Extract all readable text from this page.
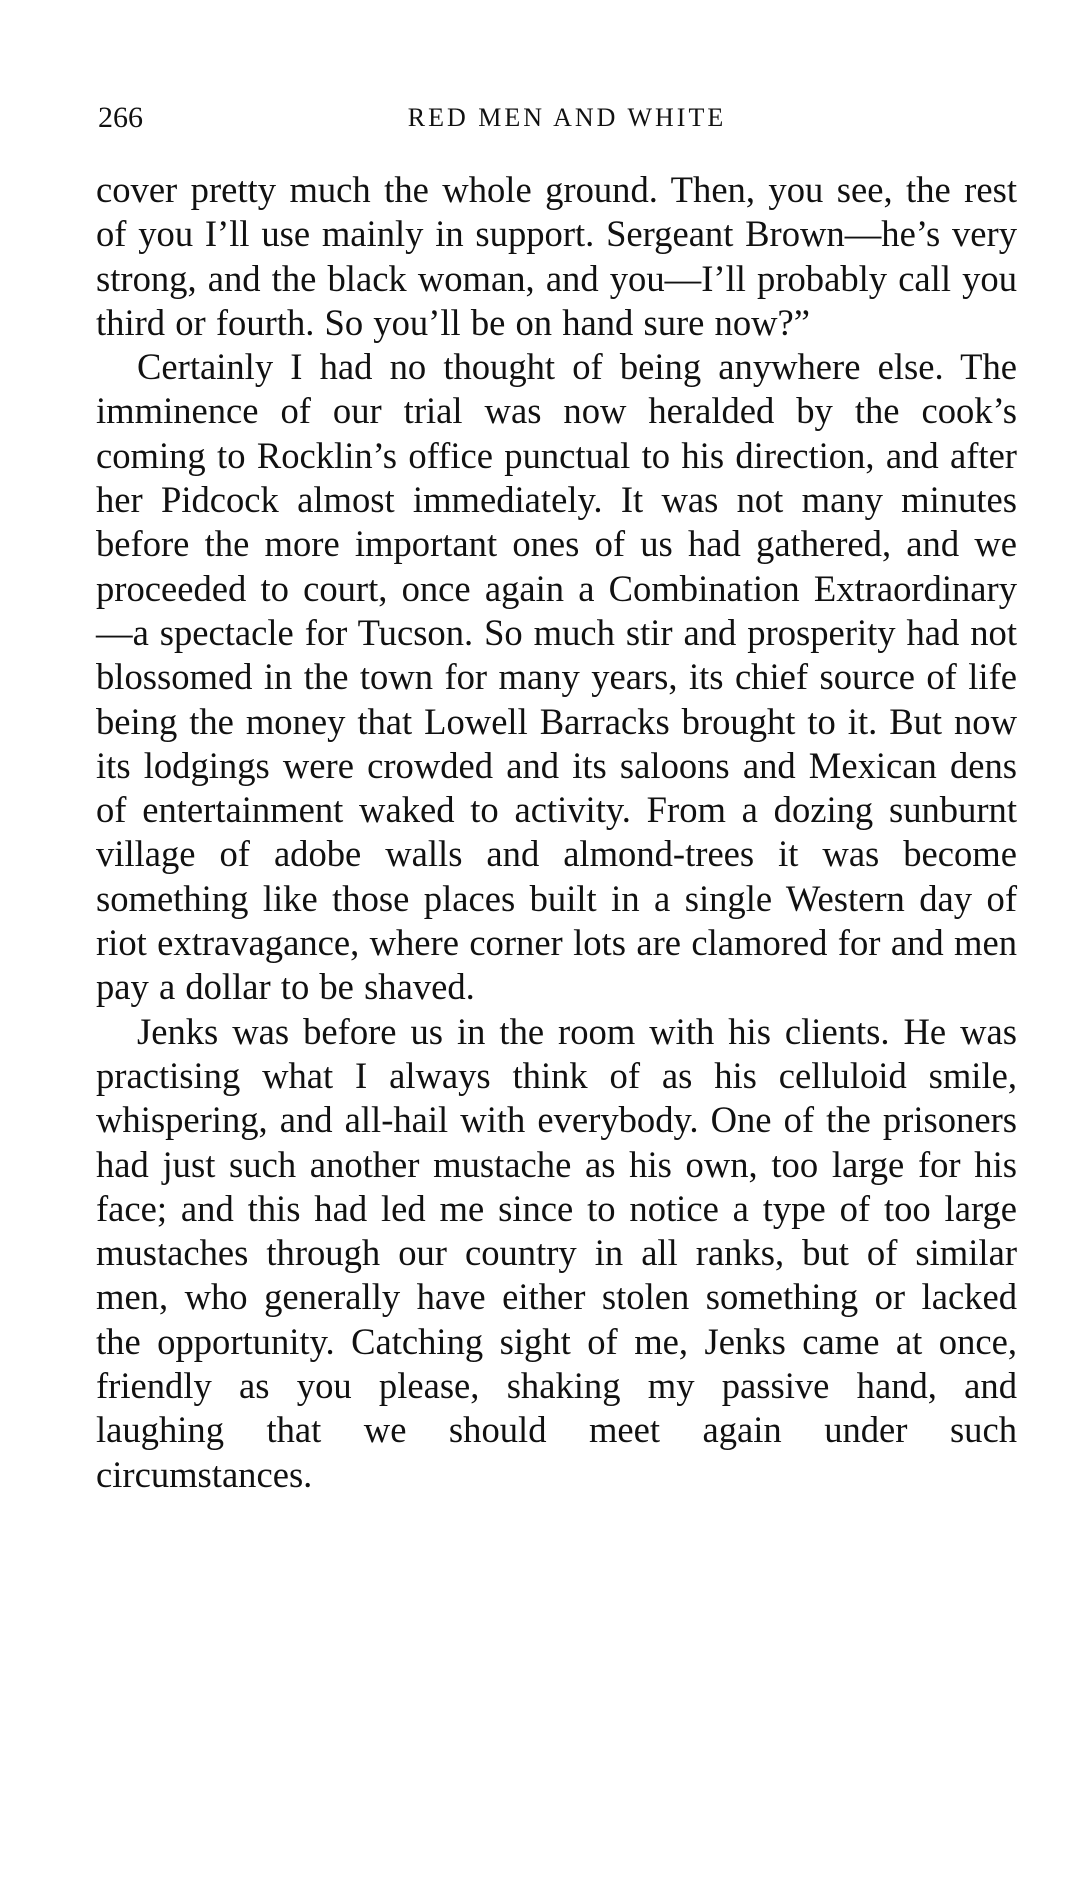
266	RED MEN AND WHITE

cover pretty much the whole ground. Then, you see, the rest of you I’ll use mainly in support. Sergeant Brown—he’s very strong, and the black woman, and you—I’ll probably call you third or fourth. So you’ll be on hand sure now?”

Certainly I had no thought of being anywhere else. The imminence of our trial was now heralded by the cook’s coming to Rocklin’s office punctual to his direction, and after her Pidcock almost immediately. It was not many minutes before the more important ones of us had gathered, and we proceeded to court, once again a Combination Extraordinary—a spectacle for Tucson. So much stir and prosperity had not blossomed in the town for many years, its chief source of life being the money that Lowell Barracks brought to it. But now its lodgings were crowded and its saloons and Mexican dens of entertainment waked to activity. From a dozing sunburnt village of adobe walls and almond-trees it was become something like those places built in a single Western day of riot extravagance, where corner lots are clamored for and men pay a dollar to be shaved.

Jenks was before us in the room with his clients. He was practising what I always think of as his celluloid smile, whispering, and all-hail with everybody. One of the prisoners had just such another mustache as his own, too large for his face; and this had led me since to notice a type of too large mustaches through our country in all ranks, but of similar men, who generally have either stolen something or lacked the opportunity. Catching sight of me, Jenks came at once, friendly as you please, shaking my passive hand, and laughing that we should meet again under such circumstances.
